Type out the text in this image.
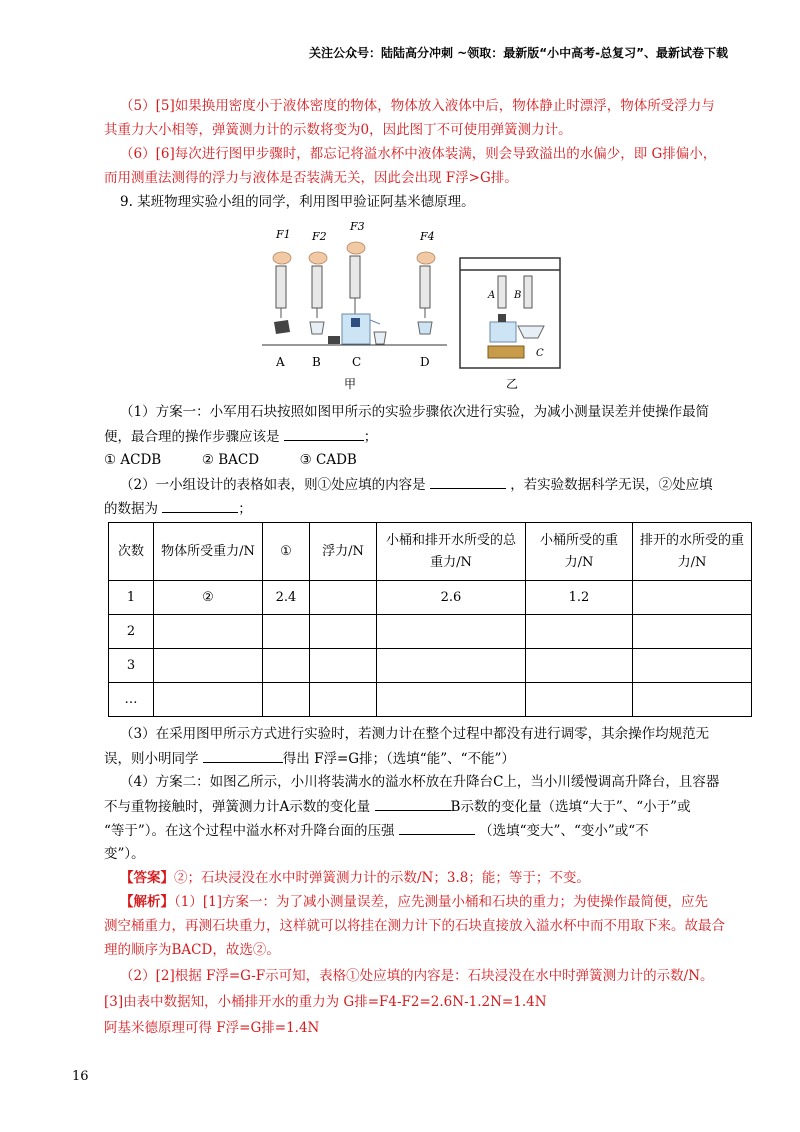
关注公众号：陆陆高分冲刺 ~领取：最新版“小中高考-总复习”、最新试卷下载
（5）[5]如果换用密度小于液体密度的物体，物体放入液体中后，物体静止时漂浮，物体所受浮力与
其重力大小相等，弹簧测力计的示数将变为0，因此图丁不可使用弹簧测力计。
（6）[6]每次进行图甲步骤时，都忘记将溢水杯中液体装满，则会导致溢出的水偏少，即 G排偏小，
而用测重法测得的浮力与液体是否装满无关，因此会出现 F浮>G排。
9. 某班物理实验小组的同学，利用图甲验证阿基米德原理。
F1 F2
F3
F4
A B	C	D
甲	乙
A B
C
（1）方案一：小军用石块按照如图甲所示的实验步骤依次进行实验，为减小测量误差并使操作最简
便，最合理的操作步骤应该是	；
① ACDB	② BACD	③ CADB
（2）一小组设计的表格如表，则①处应填的内容是	，若实验数据科学无误，②处应填
的数据为	；
次数	物体所受重力/N	①	浮力/N	小桶和排开水所受的总重力/N	小桶所受的重力/N	排开的水所受的重力/N
1	②	2.4		2.6	1.2	
2						
3						
…						
（3）在采用图甲所示方式进行实验时，若测力计在整个过程中都没有进行调零，其余操作均规范无
误，则小明同学	得出 F浮=G排；（选填“能”、“不能”）
（4）方案二：如图乙所示，小川将装满水的溢水杯放在升降台C上，当小川缓慢调高升降台，且容器
不与重物接触时，弹簧测力计A示数的变化量	B示数的变化量（选填“大于”、“小于”或
“等于”）。在这个过程中溢水杯对升降台面的压强	（选填“变大”、“变小”或“不
变”）。
【答案】②；石块浸没在水中时弹簧测力计的示数/N；3.8；能；等于；不变。
【解析】（1）[1]方案一：为了减小测量误差，应先测量小桶和石块的重力；为使操作最简便，应先
测空桶重力，再测石块重力，这样就可以将挂在测力计下的石块直接放入溢水杯中而不用取下来。故最合
理的顺序为BACD，故选②。
（2）[2]根据 F浮=G-F示可知，表格①处应填的内容是：石块浸没在水中时弹簧测力计的示数/N。
[3]由表中数据知，小桶排开水的重力为 G排=F4-F2=2.6N-1.2N=1.4N
阿基米德原理可得 F浮=G排=1.4N
16
